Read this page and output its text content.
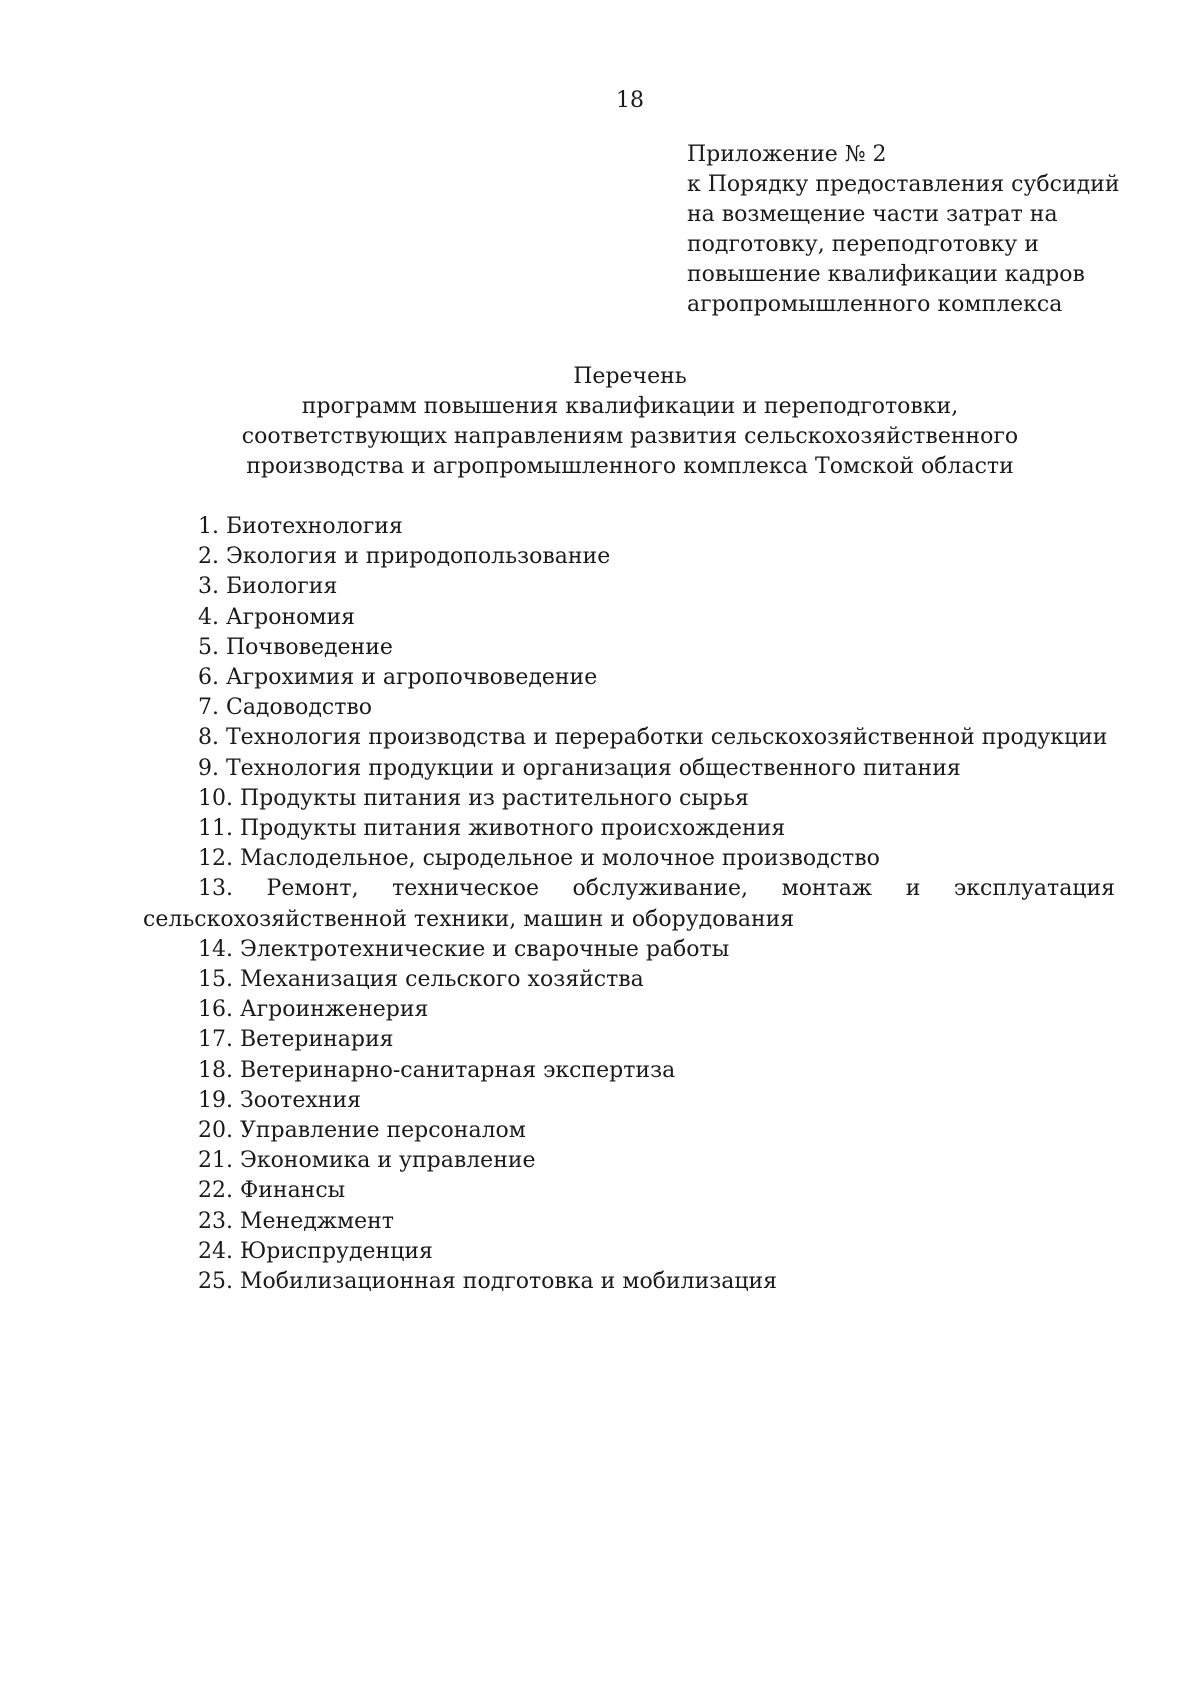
18
Приложение № 2
к Порядку предоставления субсидий
на возмещение части затрат на
подготовку, переподготовку и
повышение квалификации кадров
агропромышленного комплекса
Перечень
программ повышения квалификации и переподготовки,
соответствующих направлениям развития сельскохозяйственного
производства и агропромышленного комплекса Томской области
1. Биотехнология
2. Экология и природопользование
3. Биология
4. Агрономия
5. Почвоведение
6. Агрохимия и агропочвоведение
7. Садоводство
8. Технология производства и переработки сельскохозяйственной продукции
9. Технология продукции и организация общественного питания
10. Продукты питания из растительного сырья
11. Продукты питания животного происхождения
12. Маслодельное, сыродельное и молочное производство
13. Ремонт, техническое обслуживание, монтаж и эксплуатация сельскохозяйственной техники, машин и оборудования
14. Электротехнические и сварочные работы
15. Механизация сельского хозяйства
16. Агроинженерия
17. Ветеринария
18. Ветеринарно-санитарная экспертиза
19. Зоотехния
20. Управление персоналом
21. Экономика и управление
22. Финансы
23. Менеджмент
24. Юриспруденция
25. Мобилизационная подготовка и мобилизация
